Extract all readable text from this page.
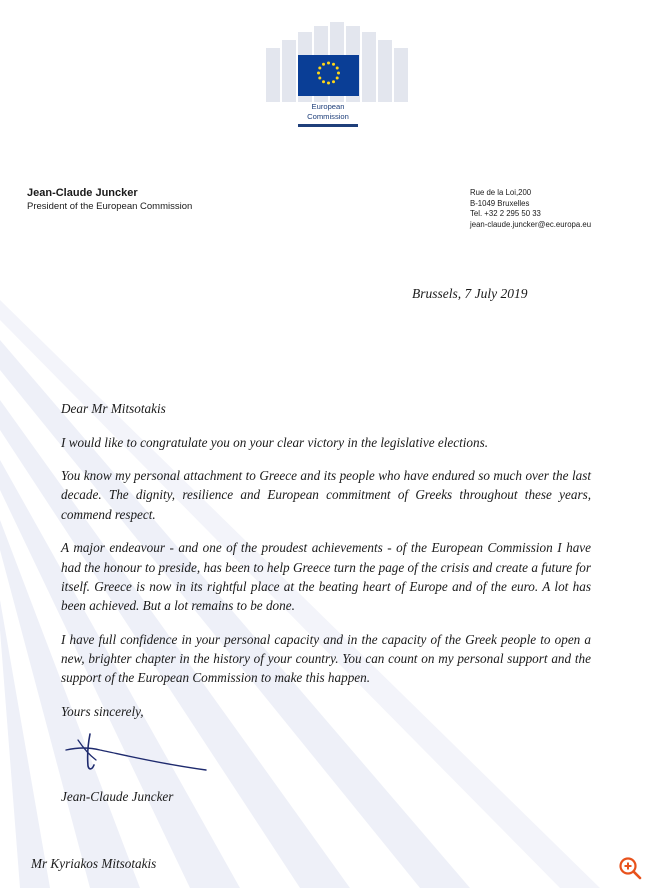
European
Commission
Jean-Claude Juncker
President of the European Commission
Rue de la Loi,200
B-1049 Bruxelles
Tel. +32 2 295 50 33
jean-claude.juncker@ec.europa.eu
Brussels, 7 July 2019

Dear Mr Mitsotakis

I would like to congratulate you on your clear victory in the legislative elections.

You know my personal attachment to Greece and its people who have endured so much over the last decade. The dignity, resilience and European commitment of Greeks throughout these years, commend respect.

A major endeavour - and one of the proudest achievements - of the European Commission I have had the honour to preside, has been to help Greece turn the page of the crisis and create a future for itself. Greece is now in its rightful place at the beating heart of Europe and of the euro. A lot has been achieved. But a lot remains to be done.

I have full confidence in your personal capacity and in the capacity of the Greek people to open a new, brighter chapter in the history of your country. You can count on my personal support and the support of the European Commission to make this happen.

Yours sincerely,

Jean-Claude Juncker
Mr Kyriakos Mitsotakis
